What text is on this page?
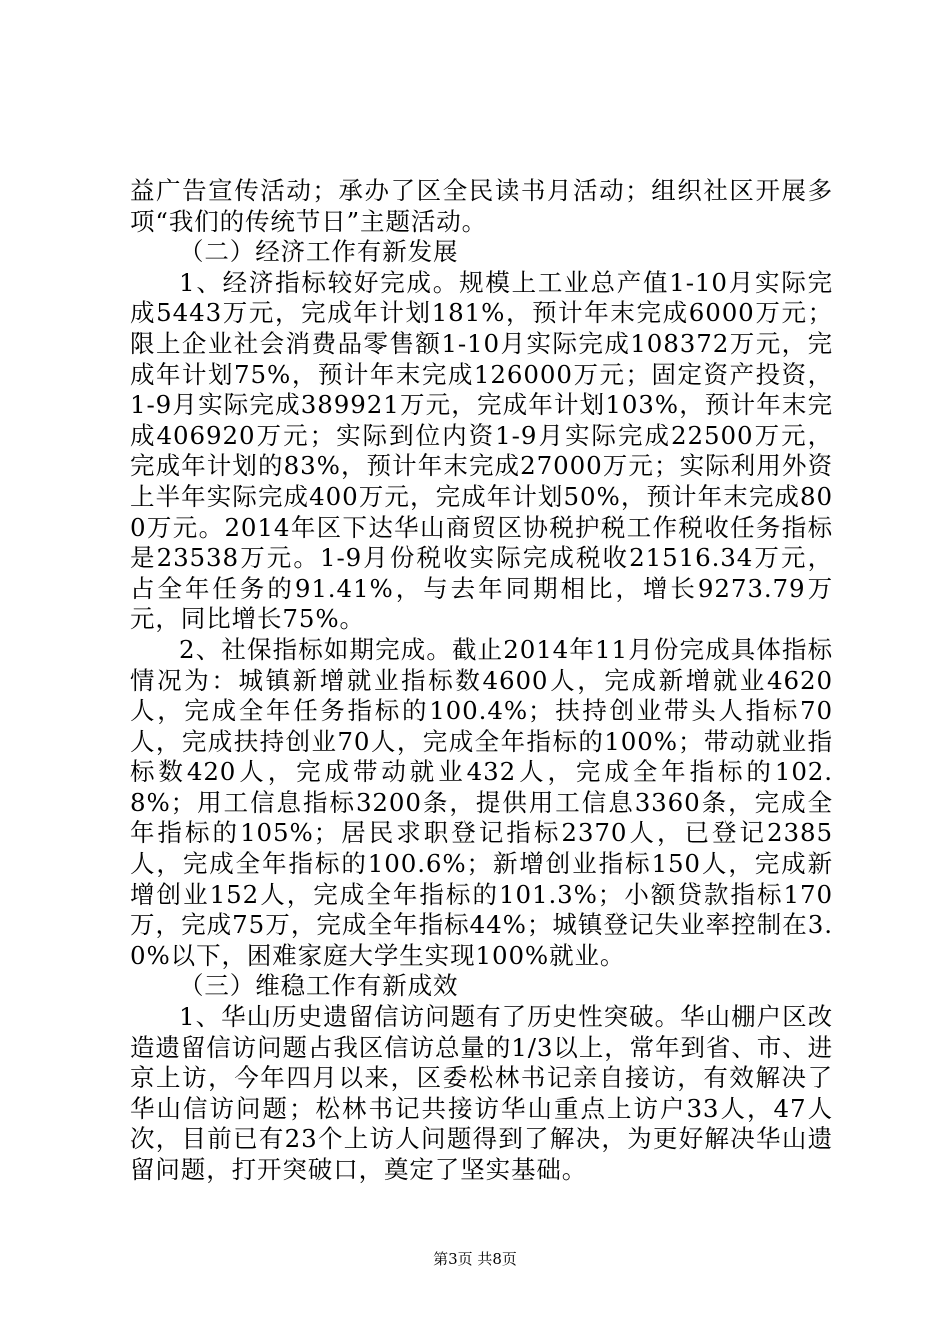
益广告宣传活动；承办了区全民读书月活动；组织社区开展多项“我们的传统节日”主题活动。

（二）经济工作有新发展

1、经济指标较好完成。规模上工业总产值1-10月实际完成5443万元，完成年计划181%，预计年末完成6000万元；限上企业社会消费品零售额1-10月实际完成108372万元，完成年计划75%，预计年末完成126000万元；固定资产投资，1-9月实际完成389921万元，完成年计划103%，预计年末完成406920万元；实际到位内资1-9月实际完成22500万元，完成年计划的83%，预计年末完成27000万元；实际利用外资上半年实际完成400万元，完成年计划50%，预计年末完成800万元。2014年区下达华山商贸区协税护税工作税收任务指标是23538万元。1-9月份税收实际完成税收21516.34万元，占全年任务的91.41%，与去年同期相比，增长9273.79万元，同比增长75%。

2、社保指标如期完成。截止2014年11月份完成具体指标情况为：城镇新增就业指标数4600人，完成新增就业4620人，完成全年任务指标的100.4%；扶持创业带头人指标70人，完成扶持创业70人，完成全年指标的100%；带动就业指标数420人，完成带动就业432人，完成全年指标的102.8%；用工信息指标3200条，提供用工信息3360条，完成全年指标的105%；居民求职登记指标2370人，已登记2385人，完成全年指标的100.6%；新增创业指标150人，完成新增创业152人，完成全年指标的101.3%；小额贷款指标170万，完成75万，完成全年指标44%；城镇登记失业率控制在3.0%以下，困难家庭大学生实现100%就业。

（三）维稳工作有新成效

1、华山历史遗留信访问题有了历史性突破。华山棚户区改造遗留信访问题占我区信访总量的1/3以上，常年到省、市、进京上访，今年四月以来，区委松林书记亲自接访，有效解决了华山信访问题；松林书记共接访华山重点上访户33人，47人次，目前已有23个上访人问题得到了解决，为更好解决华山遗留问题，打开突破口，奠定了坚实基础。

第3页 共8页
